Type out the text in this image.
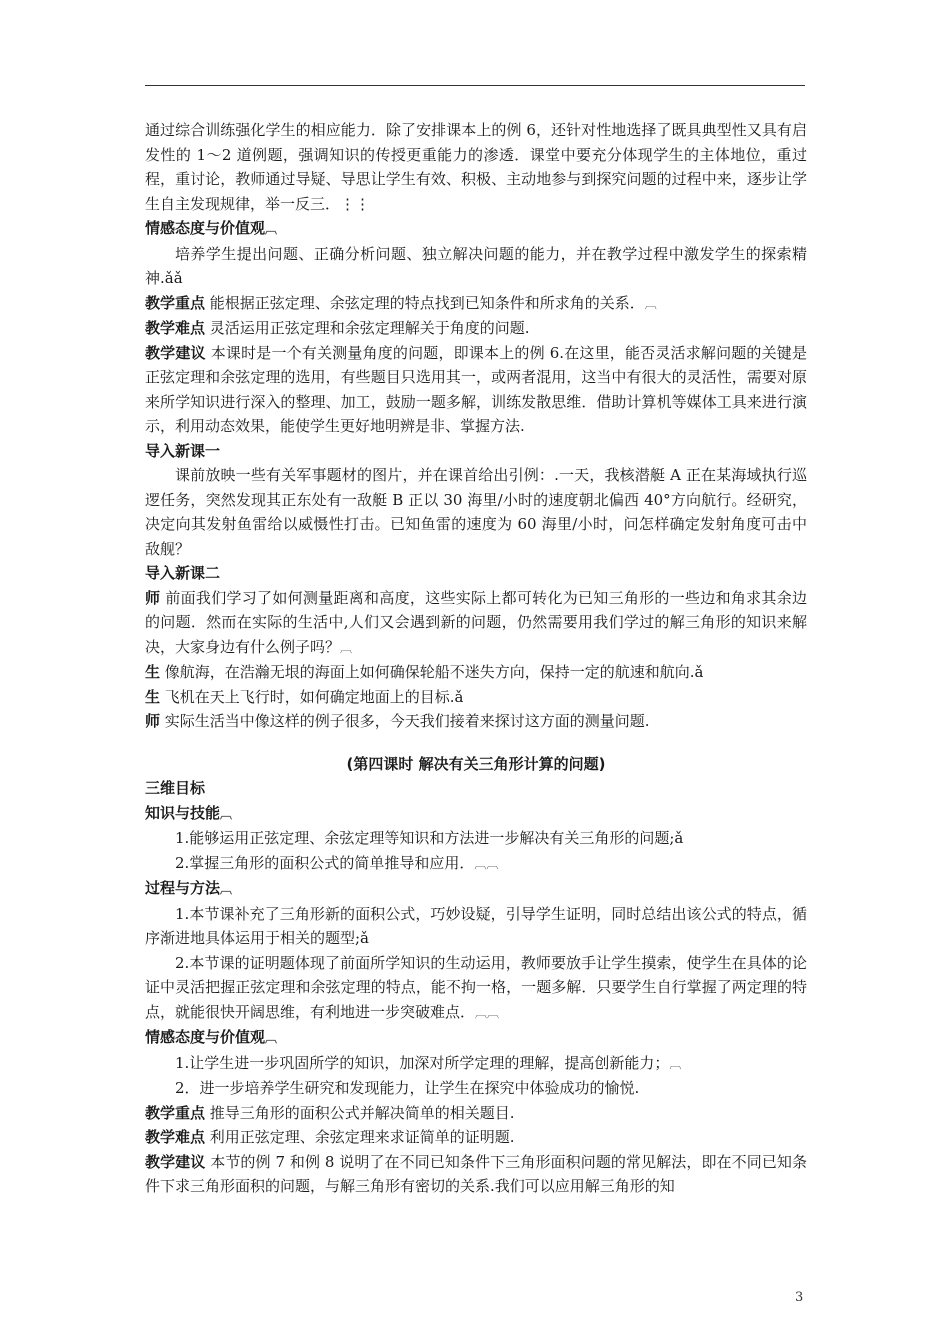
通过综合训练强化学生的相应能力．除了安排课本上的例 6，还针对性地选择了既具典型性又具有启发性的 1～2 道例题，强调知识的传授更重能力的渗透．课堂中要充分体现学生的主体地位，重过程，重讨论，教师通过导疑、导思让学生有效、积极、主动地参与到探究问题的过程中来，逐步让学生自主发现规律，举一反三．⋮⋮

情感态度与价值观︹

培养学生提出问题、正确分析问题、独立解决问题的能力，并在教学过程中激发学生的探索精神.ǎǎ

教学重点 能根据正弦定理、余弦定理的特点找到已知条件和所求角的关系．︹

教学难点 灵活运用正弦定理和余弦定理解关于角度的问题.

教学建议 本课时是一个有关测量角度的问题，即课本上的例 6.在这里，能否灵活求解问题的关键是正弦定理和余弦定理的选用，有些题目只选用其一，或两者混用，这当中有很大的灵活性，需要对原来所学知识进行深入的整理、加工，鼓励一题多解，训练发散思维．借助计算机等媒体工具来进行演示，利用动态效果，能使学生更好地明辨是非、掌握方法.

导入新课一

课前放映一些有关军事题材的图片，并在课首给出引例：.一天，我核潜艇 A 正在某海域执行巡逻任务，突然发现其正东处有一敌艇 B 正以 30 海里/小时的速度朝北偏西 40°方向航行。经研究，决定向其发射鱼雷给以威慑性打击。已知鱼雷的速度为 60 海里/小时，问怎样确定发射角度可击中敌舰？

导入新课二

师 前面我们学习了如何测量距离和高度，这些实际上都可转化为已知三角形的一些边和角求其余边的问题．然而在实际的生活中,人们又会遇到新的问题，仍然需要用我们学过的解三角形的知识来解决，大家身边有什么例子吗？︹

生 像航海，在浩瀚无垠的海面上如何确保轮船不迷失方向，保持一定的航速和航向.ǎ

生 飞机在天上飞行时，如何确定地面上的目标.ǎ

师 实际生活当中像这样的例子很多，今天我们接着来探讨这方面的测量问题.

(第四课时 解决有关三角形计算的问题)

三维目标

知识与技能︹

1.能够运用正弦定理、余弦定理等知识和方法进一步解决有关三角形的问题;ǎ

2.掌握三角形的面积公式的简单推导和应用．︹︹

过程与方法︹

1.本节课补充了三角形新的面积公式，巧妙设疑，引导学生证明，同时总结出该公式的特点，循序渐进地具体运用于相关的题型;ǎ

2.本节课的证明题体现了前面所学知识的生动运用，教师要放手让学生摸索，使学生在具体的论证中灵活把握正弦定理和余弦定理的特点，能不拘一格，一题多解．只要学生自行掌握了两定理的特点，就能很快开阔思维，有利地进一步突破难点．︹︹

情感态度与价值观︹

1.让学生进一步巩固所学的知识，加深对所学定理的理解，提高创新能力；︹

2．进一步培养学生研究和发现能力，让学生在探究中体验成功的愉悦.

教学重点 推导三角形的面积公式并解决简单的相关题目.

教学难点 利用正弦定理、余弦定理来求证简单的证明题.

教学建议 本节的例 7 和例 8 说明了在不同已知条件下三角形面积问题的常见解法，即在不同已知条件下求三角形面积的问题，与解三角形有密切的关系.我们可以应用解三角形的知

3
